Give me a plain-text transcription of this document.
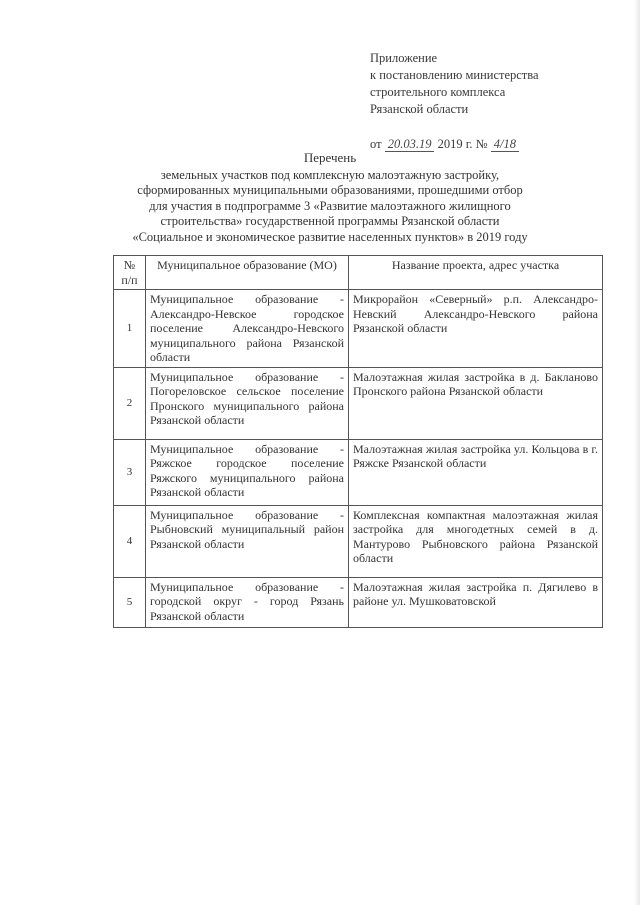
Приложение
к постановлению министерства
строительного комплекса
Рязанской области
от 20.03.19 2019 г. № 4/18
Перечень
земельных участков под комплексную малоэтажную застройку,
сформированных муниципальными образованиями, прошедшими отбор
для участия в подпрограмме 3 «Развитие малоэтажного жилищного
строительства» государственной программы Рязанской области
«Социальное и экономическое развитие населенных пунктов» в 2019 году
№ п/п	Муниципальное образование (МО)	Название проекта, адрес участка
1	Муниципальное образование - Александро-Невское городское поселение Александро-Невского муниципального района Рязанской области	Микрорайон «Северный» р.п. Александро-Невский Александро-Невского района Рязанской области
2	Муниципальное образование - Погореловское сельское поселение Пронского муниципального района Рязанской области	Малоэтажная жилая застройка в д. Бакланово Пронского района Рязанской области
3	Муниципальное образование - Ряжское городское поселение Ряжского муниципального района Рязанской области	Малоэтажная жилая застройка ул. Кольцова в г. Ряжске Рязанской области
4	Муниципальное образование - Рыбновский муниципальный район Рязанской области	Комплексная компактная малоэтажная жилая застройка для многодетных семей в д. Мантурово Рыбновского района Рязанской области
5	Муниципальное образование - городской округ - город Рязань Рязанской области	Малоэтажная жилая застройка п. Дягилево в районе ул. Мушковатовской
